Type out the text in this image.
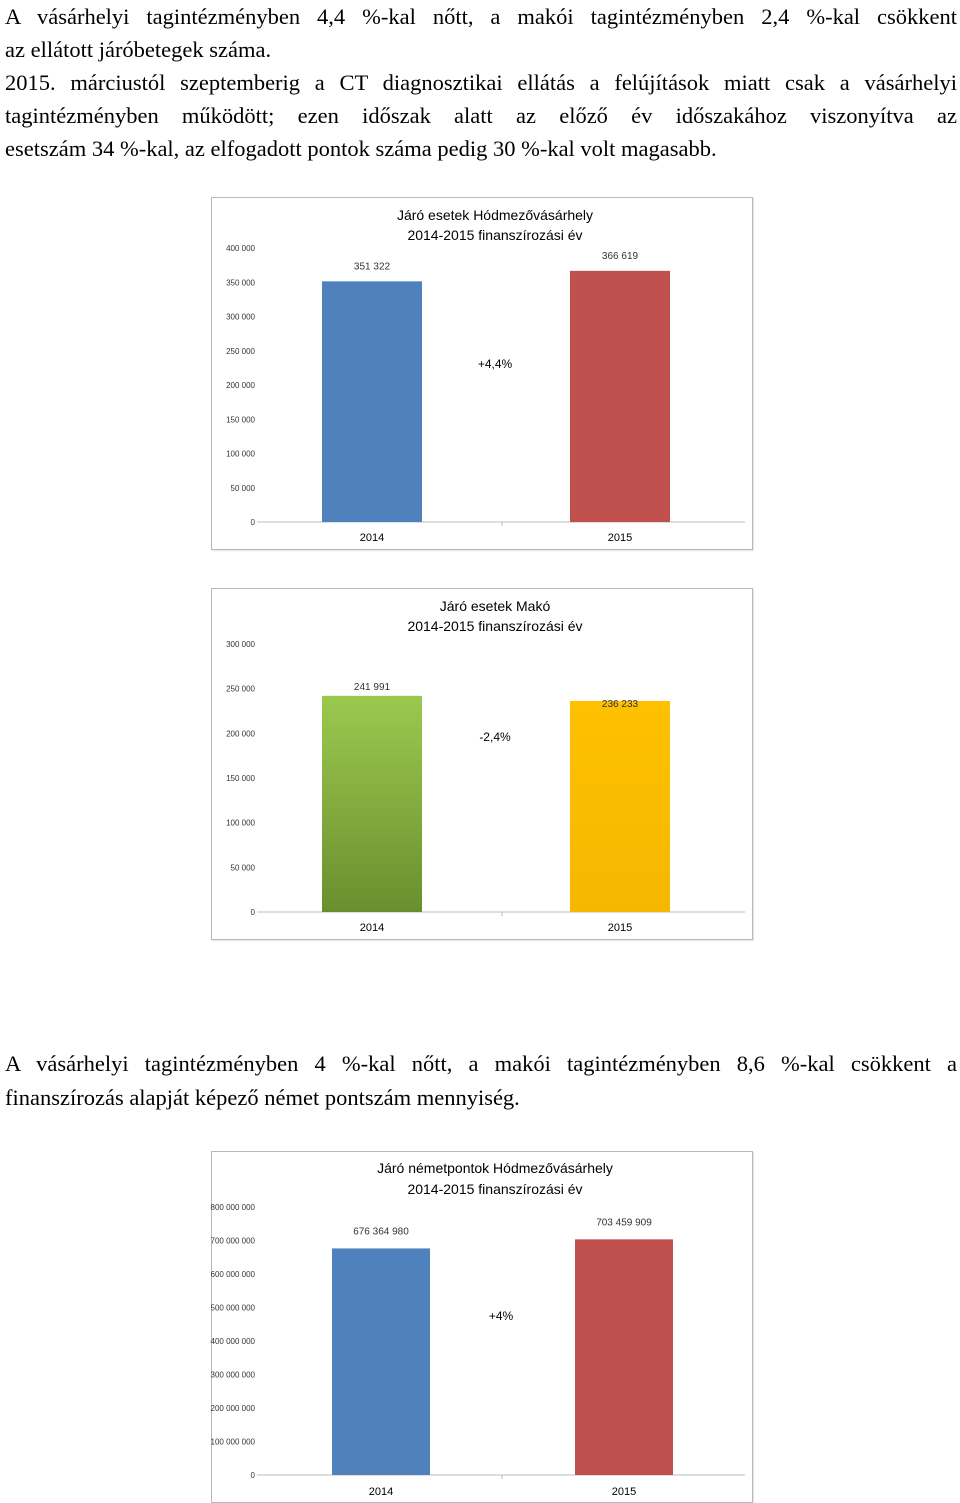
A vásárhelyi tagintézményben 4,4 %-kal nőtt, a makói tagintézményben 2,4 %-kal csökkent

az ellátott járóbetegek száma.

2015. márciustól szeptemberig a CT diagnosztikai ellátás a felújítások miatt csak a vásárhelyi

tagintézményben működött; ezen időszak alatt az előző év időszakához viszonyítva az

esetszám 34 %-kal, az elfogadott pontok száma pedig 30 %-kal volt magasabb.

0
50 000
100 000
150 000
200 000
250 000
300 000
350 000
400 000
Járó esetek Hódmezővásárhely
2014-2015 finanszírozási év
351 322
2014
366 619
2015
+4,4%
0
50 000
100 000
150 000
200 000
250 000
300 000
Járó esetek Makó
2014-2015 finanszírozási év
241 991
2014
236 233
2015
-2,4%

A vásárhelyi tagintézményben 4 %-kal nőtt, a makói tagintézményben 8,6 %-kal csökkent a

finanszírozás alapját képező német pontszám mennyiség.

0
100 000 000
200 000 000
300 000 000
400 000 000
500 000 000
600 000 000
700 000 000
800 000 000
Járó németpontok Hódmezővásárhely
2014-2015 finanszírozási év
676 364 980
2014
703 459 909
2015
+4%
